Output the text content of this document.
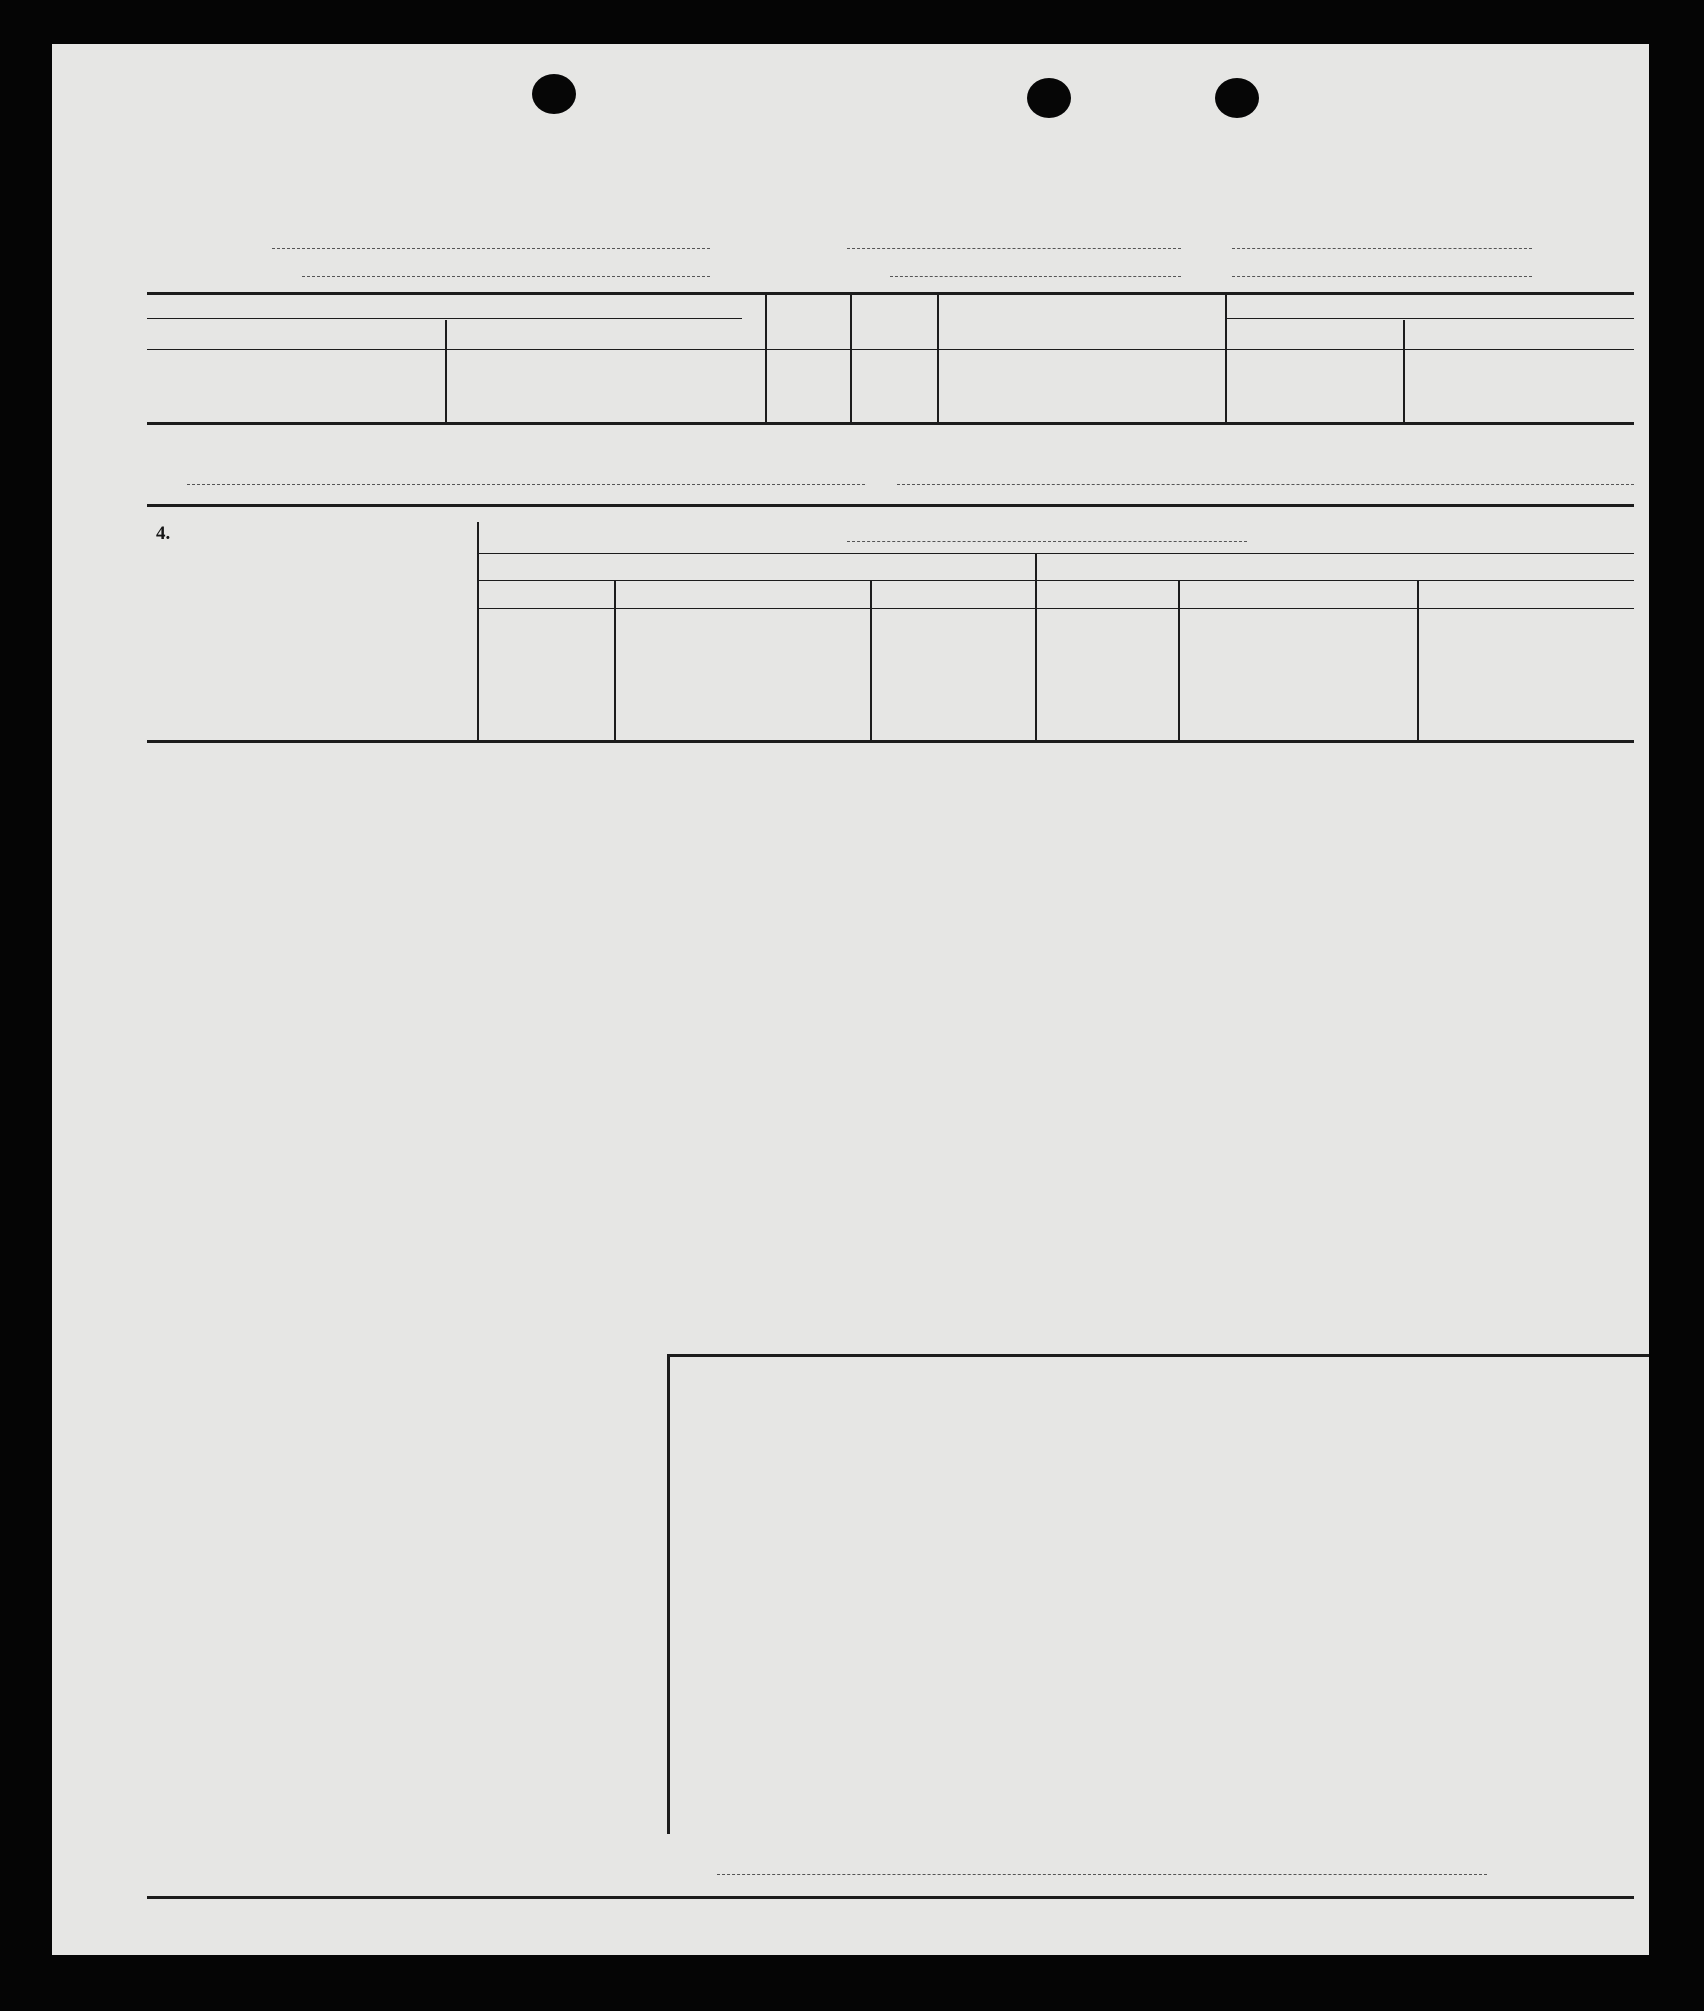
4.
